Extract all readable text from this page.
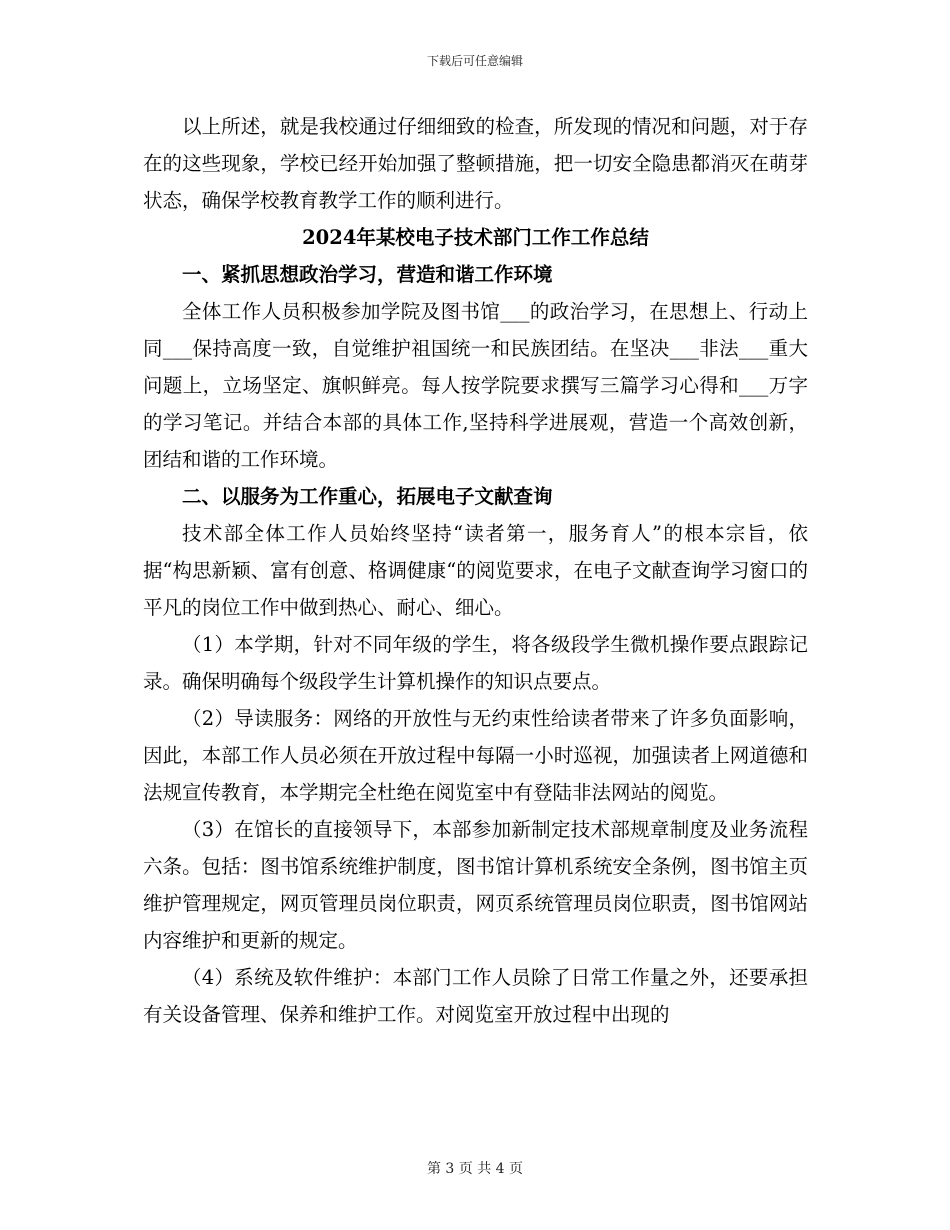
下载后可任意编辑

以上所述，就是我校通过仔细细致的检查，所发现的情况和问题，对于存在的这些现象，学校已经开始加强了整顿措施，把一切安全隐患都消灭在萌芽状态，确保学校教育教学工作的顺利进行。

2024年某校电子技术部门工作工作总结

一、紧抓思想政治学习，营造和谐工作环境

全体工作人员积极参加学院及图书馆___的政治学习，在思想上、行动上同___保持高度一致，自觉维护祖国统一和民族团结。在坚决___非法___重大问题上，立场坚定、旗帜鲜亮。每人按学院要求撰写三篇学习心得和___万字的学习笔记。并结合本部的具体工作,坚持科学进展观，营造一个高效创新，团结和谐的工作环境。

二、以服务为工作重心，拓展电子文献查询

技术部全体工作人员始终坚持“读者第一，服务育人”的根本宗旨，依据“构思新颖、富有创意、格调健康“的阅览要求，在电子文献查询学习窗口的平凡的岗位工作中做到热心、耐心、细心。

（1）本学期，针对不同年级的学生，将各级段学生微机操作要点跟踪记录。确保明确每个级段学生计算机操作的知识点要点。

（2）导读服务：网络的开放性与无约束性给读者带来了许多负面影响，因此，本部工作人员必须在开放过程中每隔一小时巡视，加强读者上网道德和法规宣传教育，本学期完全杜绝在阅览室中有登陆非法网站的阅览。

（3）在馆长的直接领导下，本部参加新制定技术部规章制度及业务流程六条。包括：图书馆系统维护制度，图书馆计算机系统安全条例，图书馆主页维护管理规定，网页管理员岗位职责，网页系统管理员岗位职责，图书馆网站内容维护和更新的规定。

（4）系统及软件维护：本部门工作人员除了日常工作量之外，还要承担有关设备管理、保养和维护工作。对阅览室开放过程中出现的

第 3 页 共 4 页
